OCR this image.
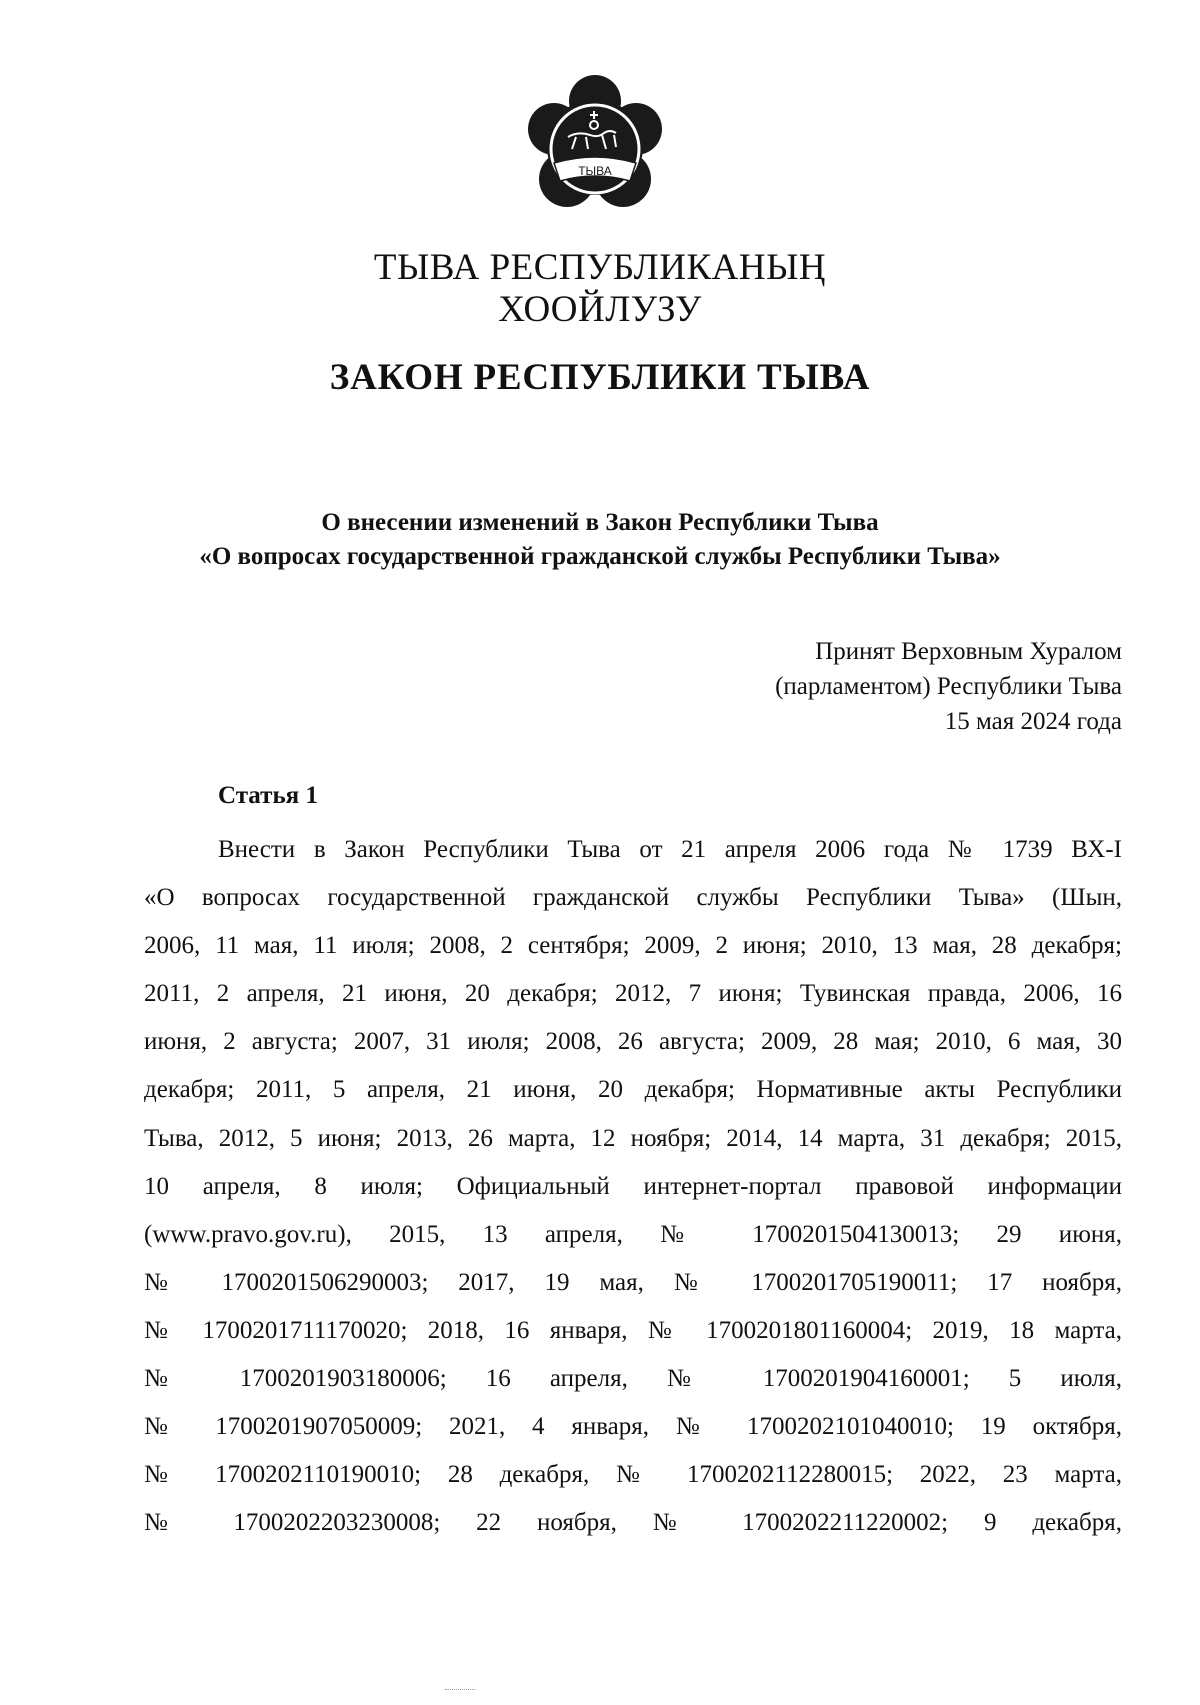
ТЫВА
ТЫВА РЕСПУБЛИКАНЫҢ
ХООЙЛУЗУ
ЗАКОН РЕСПУБЛИКИ ТЫВА
О внесении изменений в Закон Республики Тыва
«О вопросах государственной гражданской службы Республики Тыва»
Принят Верховным Хуралом
(парламентом) Республики Тыва
15 мая 2024 года
Статья 1
Внести в Закон Республики Тыва от 21 апреля 2006 года № 1739 ВХ-I
«О вопросах государственной гражданской службы Республики Тыва» (Шын,
2006, 11 мая, 11 июля; 2008, 2 сентября; 2009, 2 июня; 2010, 13 мая, 28 декабря;
2011, 2 апреля, 21 июня, 20 декабря; 2012, 7 июня; Тувинская правда, 2006, 16
июня, 2 августа; 2007, 31 июля; 2008, 26 августа; 2009, 28 мая; 2010, 6 мая, 30
декабря; 2011, 5 апреля, 21 июня, 20 декабря; Нормативные акты Республики
Тыва, 2012, 5 июня; 2013, 26 марта, 12 ноября; 2014, 14 марта, 31 декабря; 2015,
10 апреля, 8 июля; Официальный интернет-портал правовой информации
(www.pravo.gov.ru), 2015, 13 апреля, № 1700201504130013; 29 июня,
№ 1700201506290003; 2017, 19 мая, № 1700201705190011; 17 ноября,
№ 1700201711170020; 2018, 16 января, № 1700201801160004; 2019, 18 марта,
№ 1700201903180006; 16 апреля, № 1700201904160001; 5 июля,
№ 1700201907050009; 2021, 4 января, № 1700202101040010; 19 октября,
№ 1700202110190010; 28 декабря, № 1700202112280015; 2022, 23 марта,
№ 1700202203230008; 22 ноября, № 1700202211220002; 9 декабря,
